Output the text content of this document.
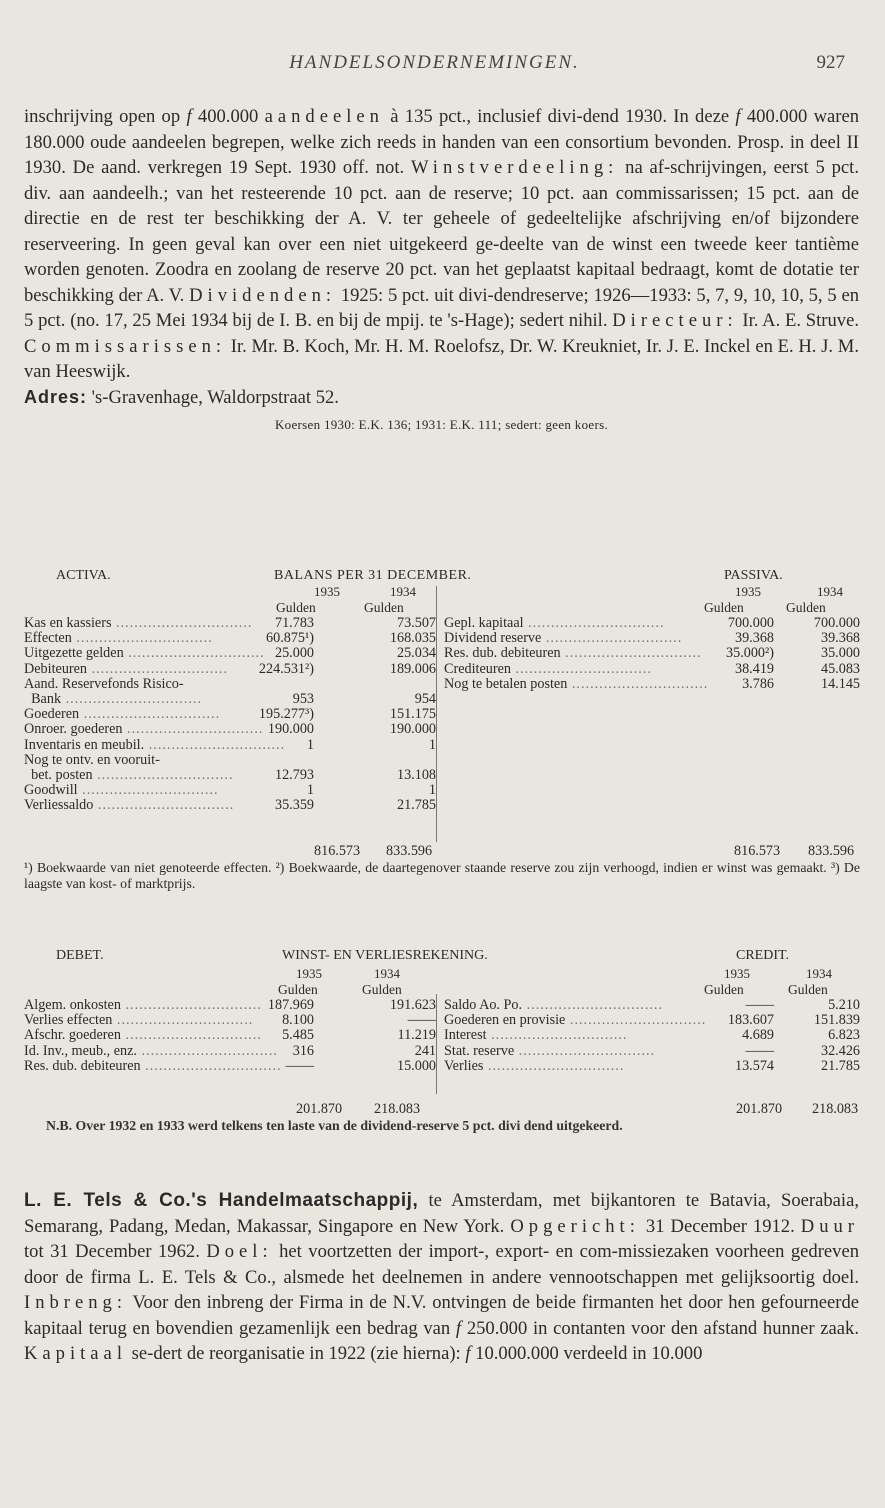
HANDELSONDERNEMINGEN.	927

inschrijving open op f 400.000 aandeelen à 135 pct., inclusief divi-dend 1930. In deze f 400.000 waren 180.000 oude aandeelen begrepen, welke zich reeds in handen van een consortium bevonden. Prosp. in deel II 1930. De aand. verkregen 19 Sept. 1930 off. not. Winstverdeeling: na af-schrijvingen, eerst 5 pct. div. aan aandeelh.; van het resteerende 10 pct. aan de reserve; 10 pct. aan commissarissen; 15 pct. aan de directie en de rest ter beschikking der A. V. ter geheele of gedeeltelijke afschrijving en/of bijzondere reserveering. In geen geval kan over een niet uitgekeerd ge-deelte van de winst een tweede keer tantième worden genoten. Zoodra en zoolang de reserve 20 pct. van het geplaatst kapitaal bedraagt, komt de dotatie ter beschikking der A. V. Dividenden: 1925: 5 pct. uit divi-dendreserve; 1926—1933: 5, 7, 9, 10, 10, 5, 5 en 5 pct. (no. 17, 25 Mei 1934 bij de I. B. en bij de mpij. te 's-Hage); sedert nihil. Directeur: Ir. A. E. Struve. Commissarissen: Ir. Mr. B. Koch, Mr. H. M. Roelofsz, Dr. W. Kreukniet, Ir. J. E. Inckel en E. H. J. M. van Heeswijk.

Adres: 's-Gravenhage, Waldorpstraat 52.

Koersen 1930: E.K. 136; 1931: E.K. 111; sedert: geen koers.
ACTIVA.	BALANS PER 31 DECEMBER.	PASSIVA.
1935	1934	1935	1934
Gulden	Gulden	Gulden	Gulden
Kas en kassiers ..............................	71.783	73.507
Effecten ..............................	60.875¹)	168.035
Uitgezette gelden .............................. 25.000	25.034
Debiteuren ..............................	224.531²)	189.006
Aand. Reservefonds Risico-
Bank ..............................	953	954
Goederen ..............................	195.277³)	151.175
Onroer. goederen .............................. 190.000	190.000
Inventaris en meubil. ..............................	1	1
Nog te ontv. en vooruit-
bet. posten ..............................	12.793	13.108
Goodwill ..............................	1	1
Verliessaldo ..............................	35.359	21.785
Gepl. kapitaal ..............................	700.000	700.000
Dividend reserve ..............................	39.368	39.368
Res. dub. debiteuren ..............................	35.000²)	35.000
Crediteuren ..............................	38.419	45.083
Nog te betalen posten ..............................	3.786	14.145
816.573 833.596	816.573 833.596
¹) Boekwaarde van niet genoteerde effecten. ²) Boekwaarde, de daartegenover staande reserve zou zijn verhoogd, indien er winst was gemaakt. ³) De laagste van kost- of marktprijs.
DEBET.	WINST- EN VERLIESREKENING.	CREDIT.
1935	1934	1935	1934
Gulden	Gulden	Gulden	Gulden
Algem. onkosten .............................. 187.969	191.623
Verlies effecten ..............................	8.100	——
Afschr. goederen ..............................	5.485	11.219
Id. Inv., meub., enz. ..............................	316	241
Res. dub. debiteuren .............................. ——	15.000
Saldo Ao. Po. ..............................	——	5.210
Goederen en provisie ..............................	183.607	151.839
Interest ..............................	4.689	6.823
Stat. reserve ..............................	——	32.426
Verlies ..............................	13.574	21.785
201.870 218.083	201.870 218.083
N.B. Over 1932 en 1933 werd telkens ten laste van de dividend-reserve 5 pct. divi dend uitgekeerd.

L. E. Tels & Co.'s Handelmaatschappij, te Amsterdam, met bijkantoren te Batavia, Soerabaia, Semarang, Padang, Medan, Makassar, Singapore en New York. Opgericht: 31 December 1912. Duur tot 31 December 1962. Doel: het voortzetten der import-, export- en com-missiezaken voorheen gedreven door de firma L. E. Tels & Co., alsmede het deelnemen in andere vennootschappen met gelijksoortig doel. Inbreng: Voor den inbreng der Firma in de N.V. ontvingen de beide firmanten het door hen gefourneerde kapitaal terug en bovendien gezamenlijk een bedrag van f 250.000 in contanten voor den afstand hunner zaak. Kapitaal se-dert de reorganisatie in 1922 (zie hierna): f 10.000.000 verdeeld in 10.000
